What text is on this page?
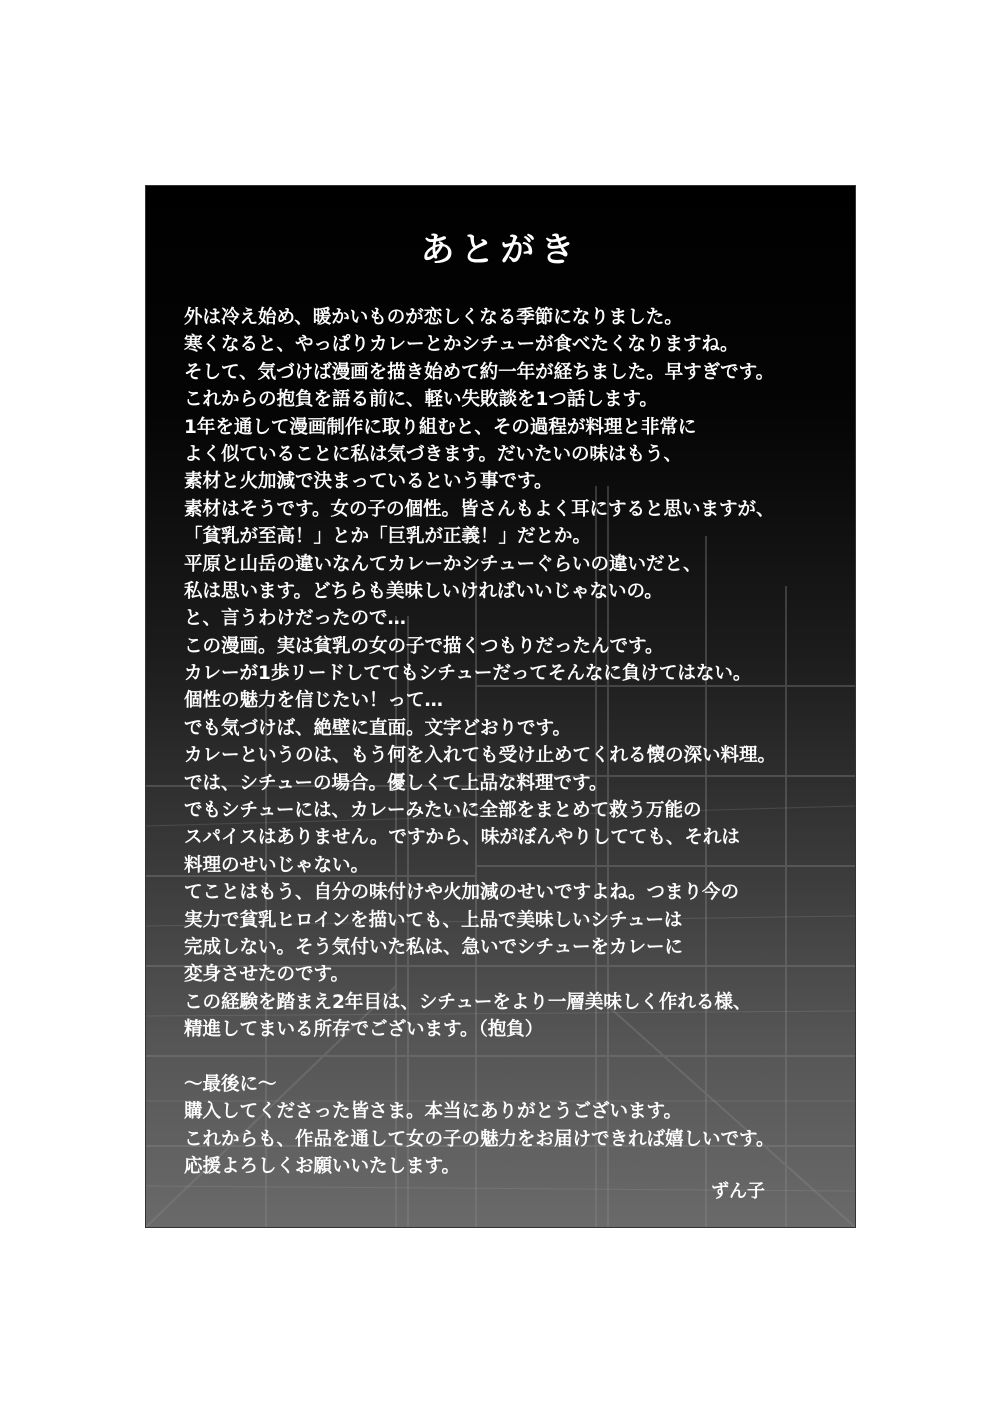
あとがき
外は冷え始め、暖かいものが恋しくなる季節になりました。
寒くなると、やっぱりカレーとかシチューが食べたくなりますね。
そして、気づけば漫画を描き始めて約一年が経ちました。早すぎです。
これからの抱負を語る前に、軽い失敗談を1つ話します。
1年を通して漫画制作に取り組むと、その過程が料理と非常に
よく似ていることに私は気づきます。だいたいの味はもう、
素材と火加減で決まっているという事です。
素材はそうです。女の子の個性。皆さんもよく耳にすると思いますが、
「貧乳が至高！」とか「巨乳が正義！」だとか。
平原と山岳の違いなんてカレーかシチューぐらいの違いだと、
私は思います。どちらも美味しいければいいじゃないの。
と、言うわけだったので…
この漫画。実は貧乳の女の子で描くつもりだったんです。
カレーが1歩リードしててもシチューだってそんなに負けてはない。
個性の魅力を信じたい！って…
でも気づけば、絶壁に直面。文字どおりです。
カレーというのは、もう何を入れても受け止めてくれる懐の深い料理。
では、シチューの場合。優しくて上品な料理です。
でもシチューには、カレーみたいに全部をまとめて救う万能の
スパイスはありません。ですから、味がぼんやりしてても、それは
料理のせいじゃない。
てことはもう、自分の味付けや火加減のせいですよね。つまり今の
実力で貧乳ヒロインを描いても、上品で美味しいシチューは
完成しない。そう気付いた私は、急いでシチューをカレーに
変身させたのです。
この経験を踏まえ2年目は、シチューをより一層美味しく作れる様、
精進してまいる所存でございます。（抱負）
〜最後に〜
購入してくださった皆さま。本当にありがとうございます。
これからも、作品を通して女の子の魅力をお届けできれば嬉しいです。
応援よろしくお願いいたします。
ずん子
